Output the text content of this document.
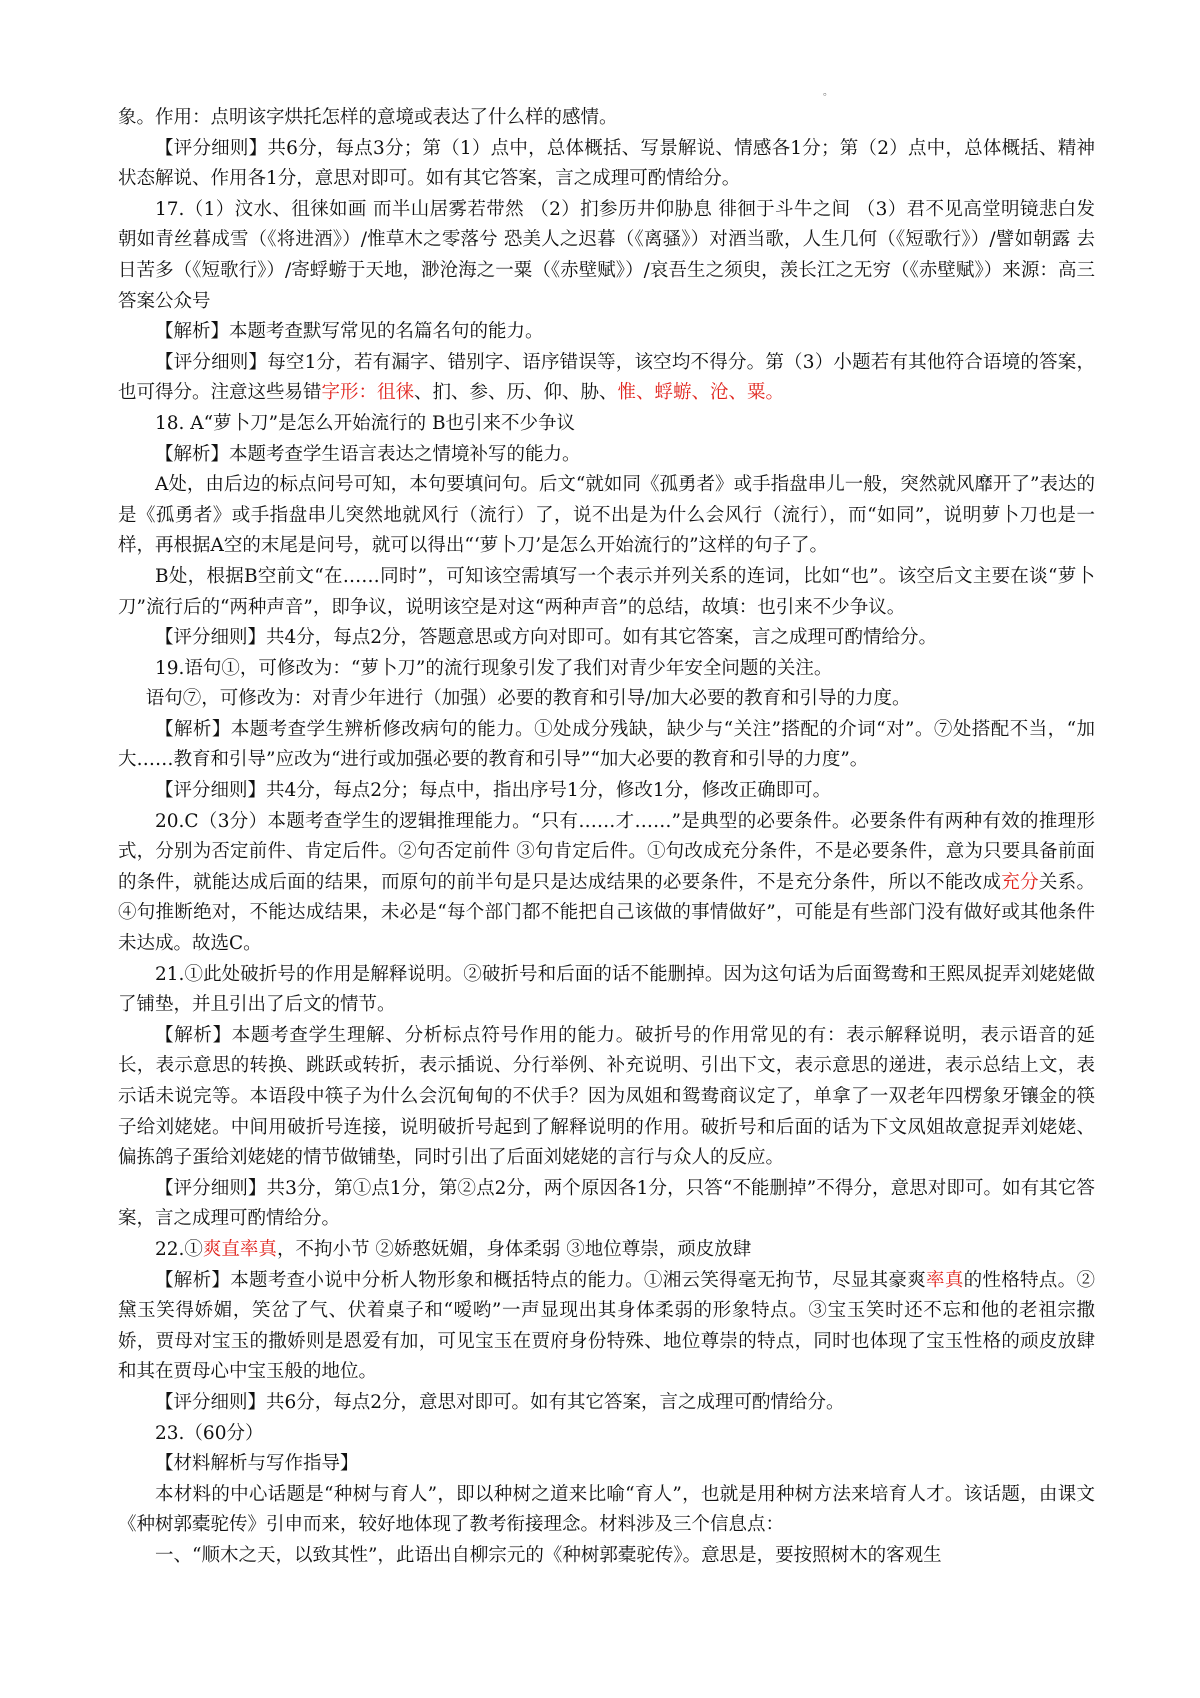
。

象。作用：点明该字烘托怎样的意境或表达了什么样的感情。

【评分细则】共6分，每点3分；第（1）点中，总体概括、写景解说、情感各1分；第（2）点中，总体概括、精神状态解说、作用各1分，意思对即可。如有其它答案，言之成理可酌情给分。

17.（1）汶水、徂徕如画 而半山居雾若带然 （2）扪参历井仰胁息 徘徊于斗牛之间 （3）君不见高堂明镜悲白发 朝如青丝暮成雪（《将进酒》）/惟草木之零落兮 恐美人之迟暮（《离骚》）对酒当歌，人生几何（《短歌行》）/譬如朝露 去日苦多（《短歌行》）/寄蜉蝣于天地，渺沧海之一粟（《赤壁赋》）/哀吾生之须臾，羡长江之无穷（《赤壁赋》）来源：高三答案公众号

【解析】本题考查默写常见的名篇名句的能力。

【评分细则】每空1分，若有漏字、错别字、语序错误等，该空均不得分。第（3）小题若有其他符合语境的答案，也可得分。注意这些易错字形：徂徕、扪、参、历、仰、胁、惟、蜉蝣、沧、粟。

18. A“萝卜刀”是怎么开始流行的 B也引来不少争议

【解析】本题考查学生语言表达之情境补写的能力。

A处，由后边的标点问号可知，本句要填问句。后文“就如同《孤勇者》或手指盘串儿一般，突然就风靡开了”表达的是《孤勇者》或手指盘串儿突然地就风行（流行）了，说不出是为什么会风行（流行），而“如同”，说明萝卜刀也是一样，再根据A空的末尾是问号，就可以得出“‘萝卜刀’是怎么开始流行的”这样的句子了。

B处，根据B空前文“在……同时”，可知该空需填写一个表示并列关系的连词，比如“也”。该空后文主要在谈“萝卜刀”流行后的“两种声音”，即争议，说明该空是对这“两种声音”的总结，故填：也引来不少争议。

【评分细则】共4分，每点2分，答题意思或方向对即可。如有其它答案，言之成理可酌情给分。

19.语句①，可修改为：“萝卜刀”的流行现象引发了我们对青少年安全问题的关注。

语句⑦，可修改为：对青少年进行（加强）必要的教育和引导/加大必要的教育和引导的力度。

【解析】本题考查学生辨析修改病句的能力。①处成分残缺，缺少与“关注”搭配的介词“对”。⑦处搭配不当，“加大……教育和引导”应改为“进行或加强必要的教育和引导”“加大必要的教育和引导的力度”。

【评分细则】共4分，每点2分；每点中，指出序号1分，修改1分，修改正确即可。

20.C（3分）本题考查学生的逻辑推理能力。“只有……才……”是典型的必要条件。必要条件有两种有效的推理形式，分别为否定前件、肯定后件。②句否定前件 ③句肯定后件。①句改成充分条件，不是必要条件，意为只要具备前面的条件，就能达成后面的结果，而原句的前半句是只是达成结果的必要条件，不是充分条件，所以不能改成充分关系。④句推断绝对，不能达成结果，未必是“每个部门都不能把自己该做的事情做好”，可能是有些部门没有做好或其他条件未达成。故选C。

21.①此处破折号的作用是解释说明。②破折号和后面的话不能删掉。因为这句话为后面鸳鸯和王熙凤捉弄刘姥姥做了铺垫，并且引出了后文的情节。

【解析】本题考查学生理解、分析标点符号作用的能力。破折号的作用常见的有：表示解释说明，表示语音的延长，表示意思的转换、跳跃或转折，表示插说、分行举例、补充说明、引出下文，表示意思的递进，表示总结上文，表示话未说完等。本语段中筷子为什么会沉甸甸的不伏手？因为凤姐和鸳鸯商议定了，单拿了一双老年四楞象牙镶金的筷子给刘姥姥。中间用破折号连接，说明破折号起到了解释说明的作用。破折号和后面的话为下文凤姐故意捉弄刘姥姥、偏拣鸽子蛋给刘姥姥的情节做铺垫，同时引出了后面刘姥姥的言行与众人的反应。

【评分细则】共3分，第①点1分，第②点2分，两个原因各1分，只答“不能删掉”不得分，意思对即可。如有其它答案，言之成理可酌情给分。

22.①爽直率真，不拘小节 ②娇憨妩媚，身体柔弱 ③地位尊崇，顽皮放肆

【解析】本题考查小说中分析人物形象和概括特点的能力。①湘云笑得毫无拘节，尽显其豪爽率真的性格特点。②黛玉笑得娇媚，笑岔了气、伏着桌子和“嗳哟”一声显现出其身体柔弱的形象特点。③宝玉笑时还不忘和他的老祖宗撒娇，贾母对宝玉的撒娇则是恩爱有加，可见宝玉在贾府身份特殊、地位尊崇的特点，同时也体现了宝玉性格的顽皮放肆和其在贾母心中宝玉般的地位。

【评分细则】共6分，每点2分，意思对即可。如有其它答案，言之成理可酌情给分。

23.（60分）

【材料解析与写作指导】

本材料的中心话题是“种树与育人”，即以种树之道来比喻“育人”，也就是用种树方法来培育人才。该话题，由课文《种树郭橐驼传》引申而来，较好地体现了教考衔接理念。材料涉及三个信息点：

一、“顺木之天，以致其性”，此语出自柳宗元的《种树郭橐驼传》。意思是，要按照树木的客观生
